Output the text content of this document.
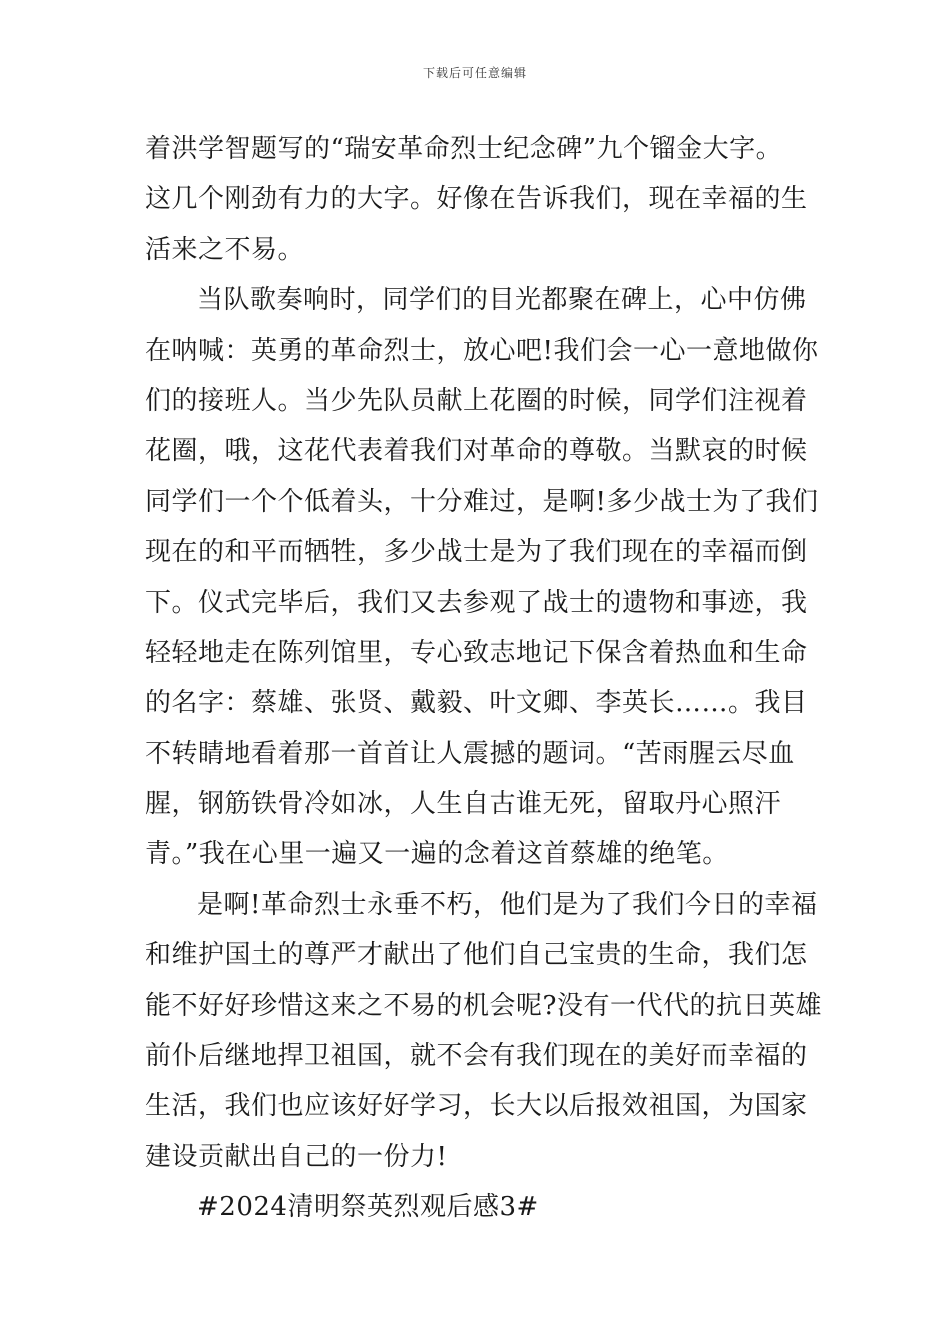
下载后可任意编辑
着洪学智题写的“瑞安革命烈士纪念碑”九个镏金大字。
这几个刚劲有力的大字。好像在告诉我们，现在幸福的生
活来之不易。
当队歌奏响时，同学们的目光都聚在碑上，心中仿佛
在呐喊：英勇的革命烈士，放心吧!我们会一心一意地做你
们的接班人。当少先队员献上花圈的时候，同学们注视着
花圈，哦，这花代表着我们对革命的尊敬。当默哀的时候
同学们一个个低着头，十分难过，是啊!多少战士为了我们
现在的和平而牺牲，多少战士是为了我们现在的幸福而倒
下。仪式完毕后，我们又去参观了战士的遗物和事迹，我
轻轻地走在陈列馆里，专心致志地记下保含着热血和生命
的名字：蔡雄、张贤、戴毅、叶文卿、李英长……。我目
不转睛地看着那一首首让人震撼的题词。“苦雨腥云尽血
腥，钢筋铁骨冷如冰，人生自古谁无死，留取丹心照汗
青。”我在心里一遍又一遍的念着这首蔡雄的绝笔。
是啊!革命烈士永垂不朽，他们是为了我们今日的幸福
和维护国土的尊严才献出了他们自己宝贵的生命，我们怎
能不好好珍惜这来之不易的机会呢?没有一代代的抗日英雄
前仆后继地捍卫祖国，就不会有我们现在的美好而幸福的
生活，我们也应该好好学习，长大以后报效祖国，为国家
建设贡献出自己的一份力!
#2024清明祭英烈观后感3#
